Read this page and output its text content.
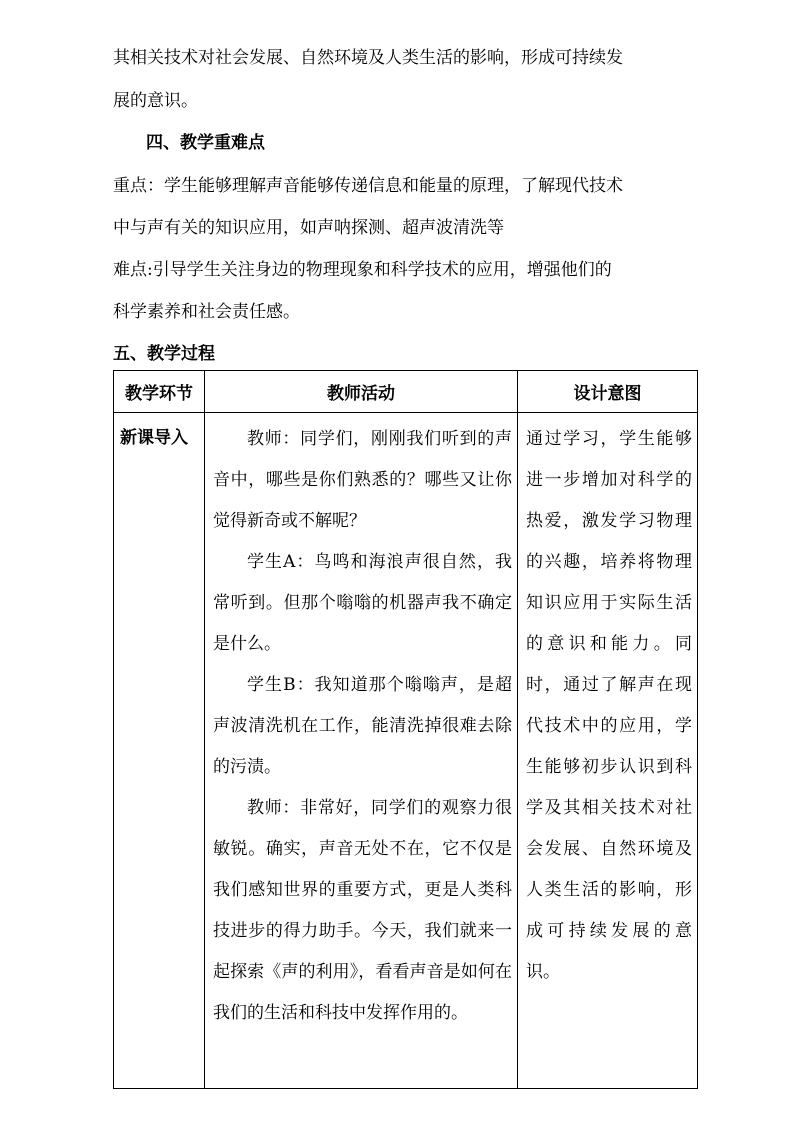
其相关技术对社会发展、自然环境及人类生活的影响，形成可持续发
展的意识。
四、教学重难点
重点：学生能够理解声音能够传递信息和能量的原理，了解现代技术
中与声有关的知识应用，如声呐探测、超声波清洗等
难点:引导学生关注身边的物理现象和科学技术的应用，增强他们的
科学素养和社会责任感。
五、教学过程
教学环节	教师活动	设计意图
新课导入	教师：同学们，刚刚我们听到的声音中，哪些是你们熟悉的？哪些又让你觉得新奇或不解呢？

学生A：鸟鸣和海浪声很自然，我常听到。但那个嗡嗡的机器声我不确定是什么。

学生B：我知道那个嗡嗡声，是超声波清洗机在工作，能清洗掉很难去除的污渍。

教师：非常好，同学们的观察力很敏锐。确实，声音无处不在，它不仅是我们感知世界的重要方式，更是人类科技进步的得力助手。今天，我们就来一起探索《声的利用》，看看声音是如何在我们的生活和科技中发挥作用的。	通过学习，学生能够进一步增加对科学的热爱，激发学习物理的兴趣，培养将物理知识应用于实际生活的意识和能力。同时，通过了解声在现代技术中的应用，学生能够初步认识到科学及其相关技术对社会发展、自然环境及人类生活的影响，形成可持续发展的意识。
